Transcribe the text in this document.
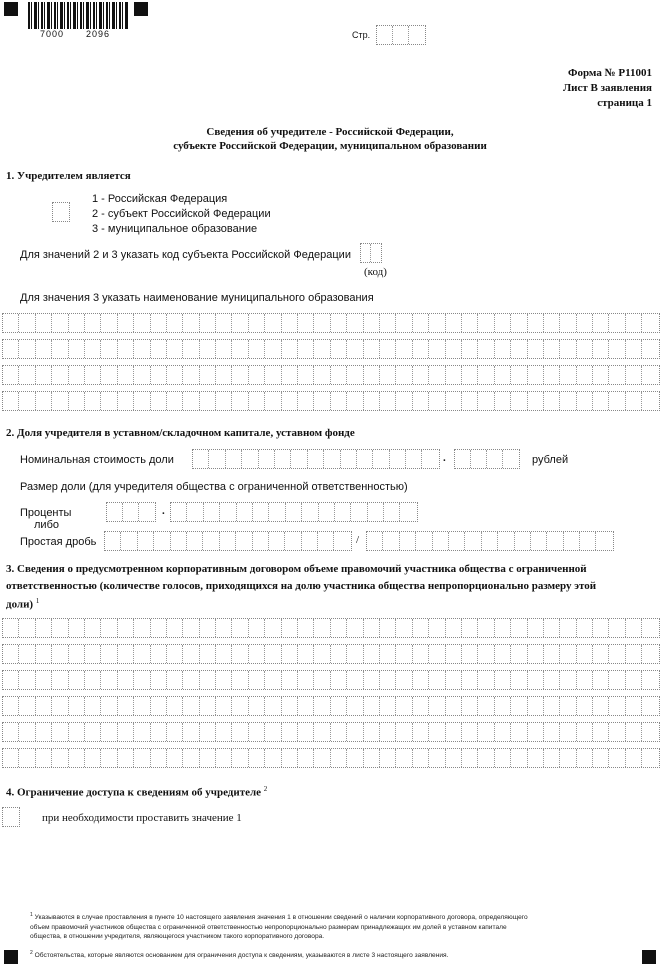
7000 2096	Стр.
Форма № Р11001
Лист В заявления
страница 1
Сведения об учредителе - Российской Федерации,
субъекте Российской Федерации, муниципальном образовании
1. Учредителем является
1 - Российская Федерация
2 - субъект Российской Федерации
3 - муниципальное образование
Для значений 2 и 3 указать код субъекта Российской Федерации
(код)
Для значения 3 указать наименование муниципального образования
2. Доля учредителя в уставном/складочном капитале, уставном фонде
Номинальная стоимость доли	.	рублей
Размер доли (для учредителя общества с ограниченной ответственностью)
Проценты
либо
.
Простая дробь	/
3. Сведения о предусмотренном корпоративным договором объеме правомочий участника общества с ограниченной
ответственностью (количестве голосов, приходящихся на долю участника общества непропорционально размеру этой
доли) $^1$
4. Ограничение доступа к сведениям об учредителе $^2$
при необходимости проставить значение 1
$^1$ Указываются в случае проставления в пункте 10 настоящего заявления значения 1 в отношении сведений о наличии корпоративного договора, определяющего
объем правомочий участников общества с ограниченной ответственностью непропорционально размерам принадлежащих им долей в уставном капитале
общества, в отношении учредителя, являющегося участником такого корпоративного договора.
$^2$ Обстоятельства, которые являются основанием для ограничения доступа к сведениям, указываются в листе 3 настоящего заявления.
